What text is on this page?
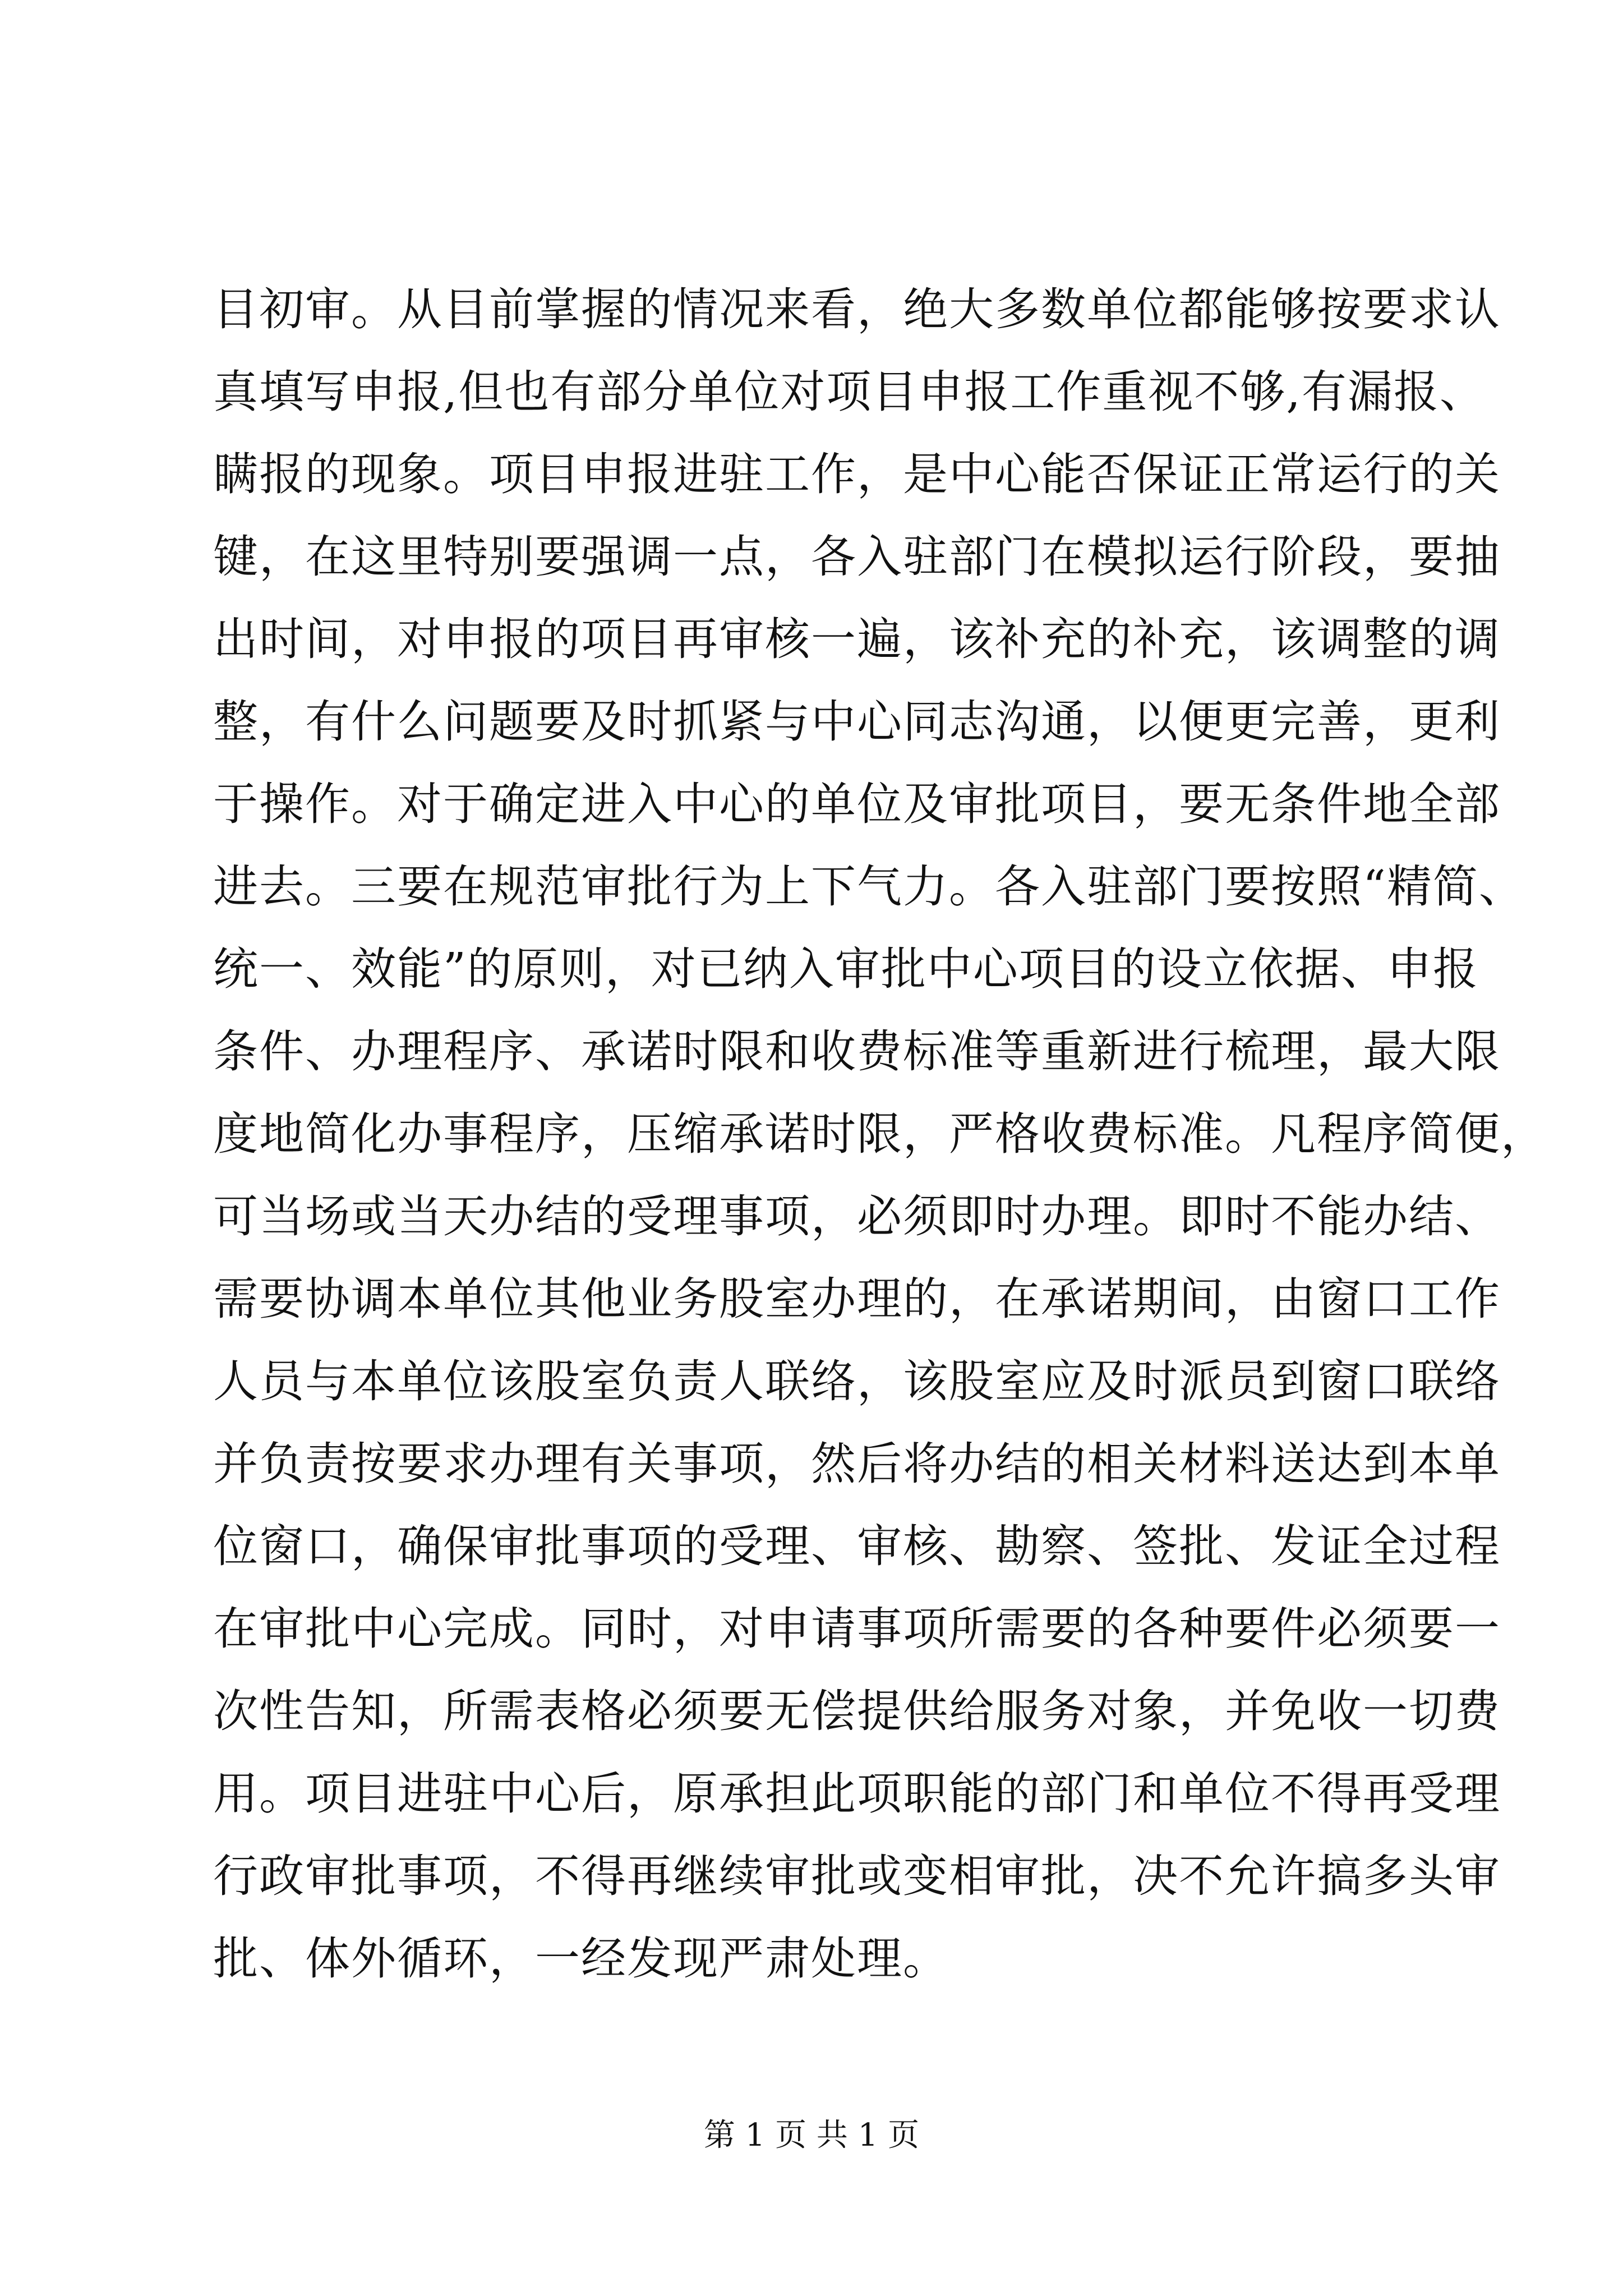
目初审。从目前掌握的情况来看，绝大多数单位都能够按要求认
真填写申报,但也有部分单位对项目申报工作重视不够,有漏报、
瞒报的现象。项目申报进驻工作，是中心能否保证正常运行的关
键，在这里特别要强调一点，各入驻部门在模拟运行阶段，要抽
出时间，对申报的项目再审核一遍，该补充的补充，该调整的调
整，有什么问题要及时抓紧与中心同志沟通，以便更完善，更利
于操作。对于确定进入中心的单位及审批项目，要无条件地全部
进去。三要在规范审批行为上下气力。各入驻部门要按照“精简、
统一、效能”的原则，对已纳入审批中心项目的设立依据、申报
条件、办理程序、承诺时限和收费标准等重新进行梳理，最大限
度地简化办事程序，压缩承诺时限，严格收费标准。凡程序简便，
可当场或当天办结的受理事项，必须即时办理。即时不能办结、
需要协调本单位其他业务股室办理的，在承诺期间，由窗口工作
人员与本单位该股室负责人联络，该股室应及时派员到窗口联络
并负责按要求办理有关事项，然后将办结的相关材料送达到本单
位窗口，确保审批事项的受理、审核、勘察、签批、发证全过程
在审批中心完成。同时，对申请事项所需要的各种要件必须要一
次性告知，所需表格必须要无偿提供给服务对象，并免收一切费
用。项目进驻中心后，原承担此项职能的部门和单位不得再受理
行政审批事项，不得再继续审批或变相审批，决不允许搞多头审
批、体外循环，一经发现严肃处理。
第 1 页 共 1 页
